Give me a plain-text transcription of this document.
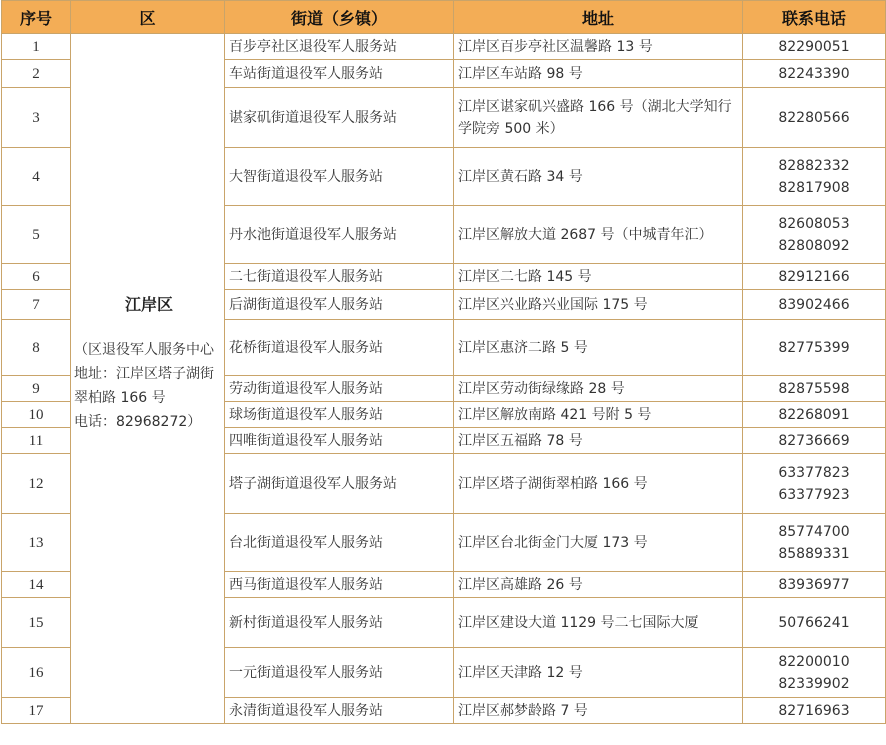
序号	区	街道（乡镇）	地址	联系电话
1	江岸区
（区退役军人服务中心
地址：江岸区塔子湖街翠柏路 166 号
电话：82968272）	百步亭社区退役军人服务站	江岸区百步亭社区温馨路 13 号	82290051

2		车站街道退役军人服务站	江岸区车站路 98 号	82243390

3		谌家矶街道退役军人服务站	江岸区谌家矶兴盛路 166 号（湖北大学知行学院旁 500 米）	82280566

4		大智街道退役军人服务站	江岸区黄石路 34 号	82882332
82817908

5		丹水池街道退役军人服务站	江岸区解放大道 2687 号（中城青年汇）	82608053
82808092

6		二七街道退役军人服务站	江岸区二七路 145 号	82912166

7		后湖街道退役军人服务站	江岸区兴业路兴业国际 175 号	83902466

8		花桥街道退役军人服务站	江岸区惠济二路 5 号	82775399

9		劳动街道退役军人服务站	江岸区劳动街绿缘路 28 号	82875598

10		球场街道退役军人服务站	江岸区解放南路 421 号附 5 号	82268091

11		四唯街道退役军人服务站	江岸区五福路 78 号	82736669

12		塔子湖街道退役军人服务站	江岸区塔子湖街翠柏路 166 号	63377823
63377923

13		台北街道退役军人服务站	江岸区台北街金门大厦 173 号	85774700
85889331

14		西马街道退役军人服务站	江岸区高雄路 26 号	83936977

15		新村街道退役军人服务站	江岸区建设大道 1129 号二七国际大厦	50766241

16		一元街道退役军人服务站	江岸区天津路 12 号	82200010
82339902

17		永清街道退役军人服务站	江岸区郝梦龄路 7 号	82716963
